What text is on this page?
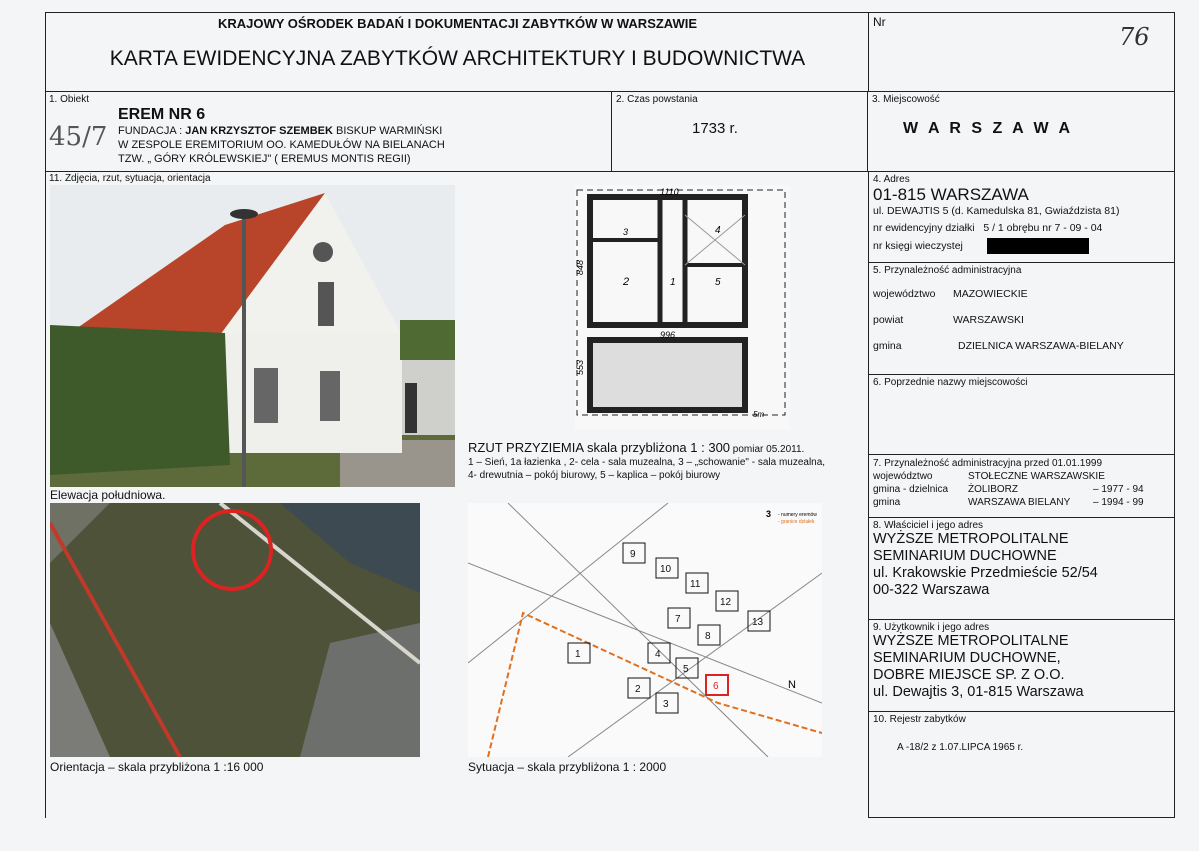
KRAJOWY OŚRODEK BADAŃ I DOKUMENTACJI ZABYTKÓW W WARSZAWIE
KARTA EWIDENCYJNA ZABYTKÓW ARCHITEKTURY I BUDOWNICTWA
Nr
76
1. Obiekt
EREM NR 6
45/7 FUNDACJA : JAN KRZYSZTOF SZEMBEK BISKUP WARMIŃSKI
W ZESPOLE EREMITORIUM OO. KAMEDUŁÓW NA BIELANACH
TZW. „ GÓRY KRÓLEWSKIEJ" ( EREMUS MONTIS REGII)
2. Czas powstania
1733 r.
3. Miejscowość
W A R S Z A W A
11. Zdjęcia, rzut, sytuacja, orientacja
Elewacja południowa.
3
2	1
4
5
1110
848
996
553
5m
RZUT PRZYZIEMIA skala przybliżona 1 : 300 pomiar 05.2011.
1 – Sień, 1a łazienka , 2- cela - sala muzealna, 3 – „schowanie" - sala muzealna,
4- drewutnia – pokój biurowy, 5 – kaplica – pokój biurowy
Orientacja – skala przybliżona 1 :16 000
9
10
11
12
13
7
8
4
5
1
2
3
6	N
3 - numery eremów
- granice działek
Sytuacja – skala przybliżona 1 : 2000
4. Adres
01-815 WARSZAWA
ul. DEWAJTIS 5 (d. Kamedulska 81, Gwiaździsta 81)
nr ewidencyjny działki 5 / 1 obrębu nr 7 - 09 - 04
nr księgi wieczystej
5. Przynależność administracyjna
województwo	MAZOWIECKIE
powiat	WARSZAWSKI
gmina	DZIELNICA WARSZAWA-BIELANY
6. Poprzednie nazwy miejscowości
7. Przynależność administracyjna przed 01.01.1999
województwo	STOŁECZNE WARSZAWSKIE
gmina - dzielnica	ŻOLIBORZ	– 1977 - 94
gmina	WARSZAWA BIELANY	– 1994 - 99
8. Właściciel i jego adres
WYŻSZE METROPOLITALNE
SEMINARIUM DUCHOWNE
ul. Krakowskie Przedmieście 52/54
00-322 Warszawa
9. Użytkownik i jego adres
WYŻSZE METROPOLITALNE
SEMINARIUM DUCHOWNE,
DOBRE MIEJSCE SP. Z O.O.
ul. Dewajtis 3, 01-815 Warszawa
10. Rejestr zabytków
A -18/2 z 1.07.LIPCA 1965 r.
